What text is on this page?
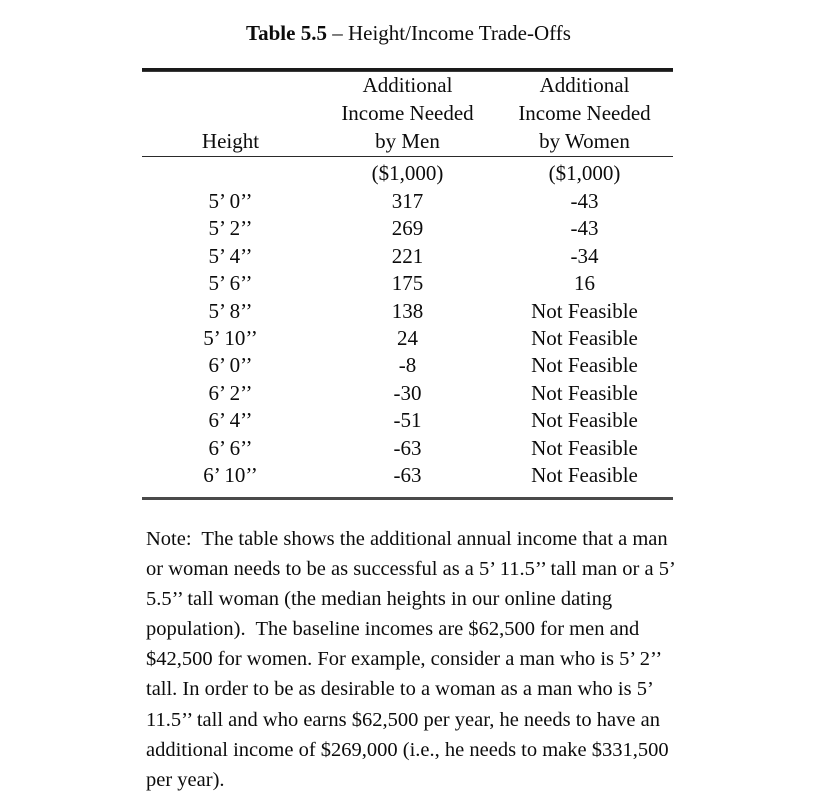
Table 5.5 – Height/Income Trade-Offs
	Additional	Additional
	Income Needed	Income Needed
Height	by Men	by Women

	($1,000)	($1,000)

5’ 0’’	317	-43
5’ 2’’	269	-43
5’ 4’’	221	-34
5’ 6’’	175	16
5’ 8’’	138	Not Feasible
5’ 10’’	24	Not Feasible
6’ 0’’	-8	Not Feasible
6’ 2’’	-30	Not Feasible
6’ 4’’	-51	Not Feasible
6’ 6’’	-63	Not Feasible
6’ 10’’	-63	Not Feasible

Note:  The table shows the additional annual income that a man or woman needs to be as successful as a 5’ 11.5’’ tall man or a 5’ 5.5’’ tall woman (the median heights in our online dating population).  The baseline incomes are $62,500 for men and $42,500 for women. For example, consider a man who is 5’ 2’’ tall. In order to be as desirable to a woman as a man who is 5’ 11.5’’ tall and who earns $62,500 per year, he needs to have an additional income of $269,000 (i.e., he needs to make $331,500 per year).
